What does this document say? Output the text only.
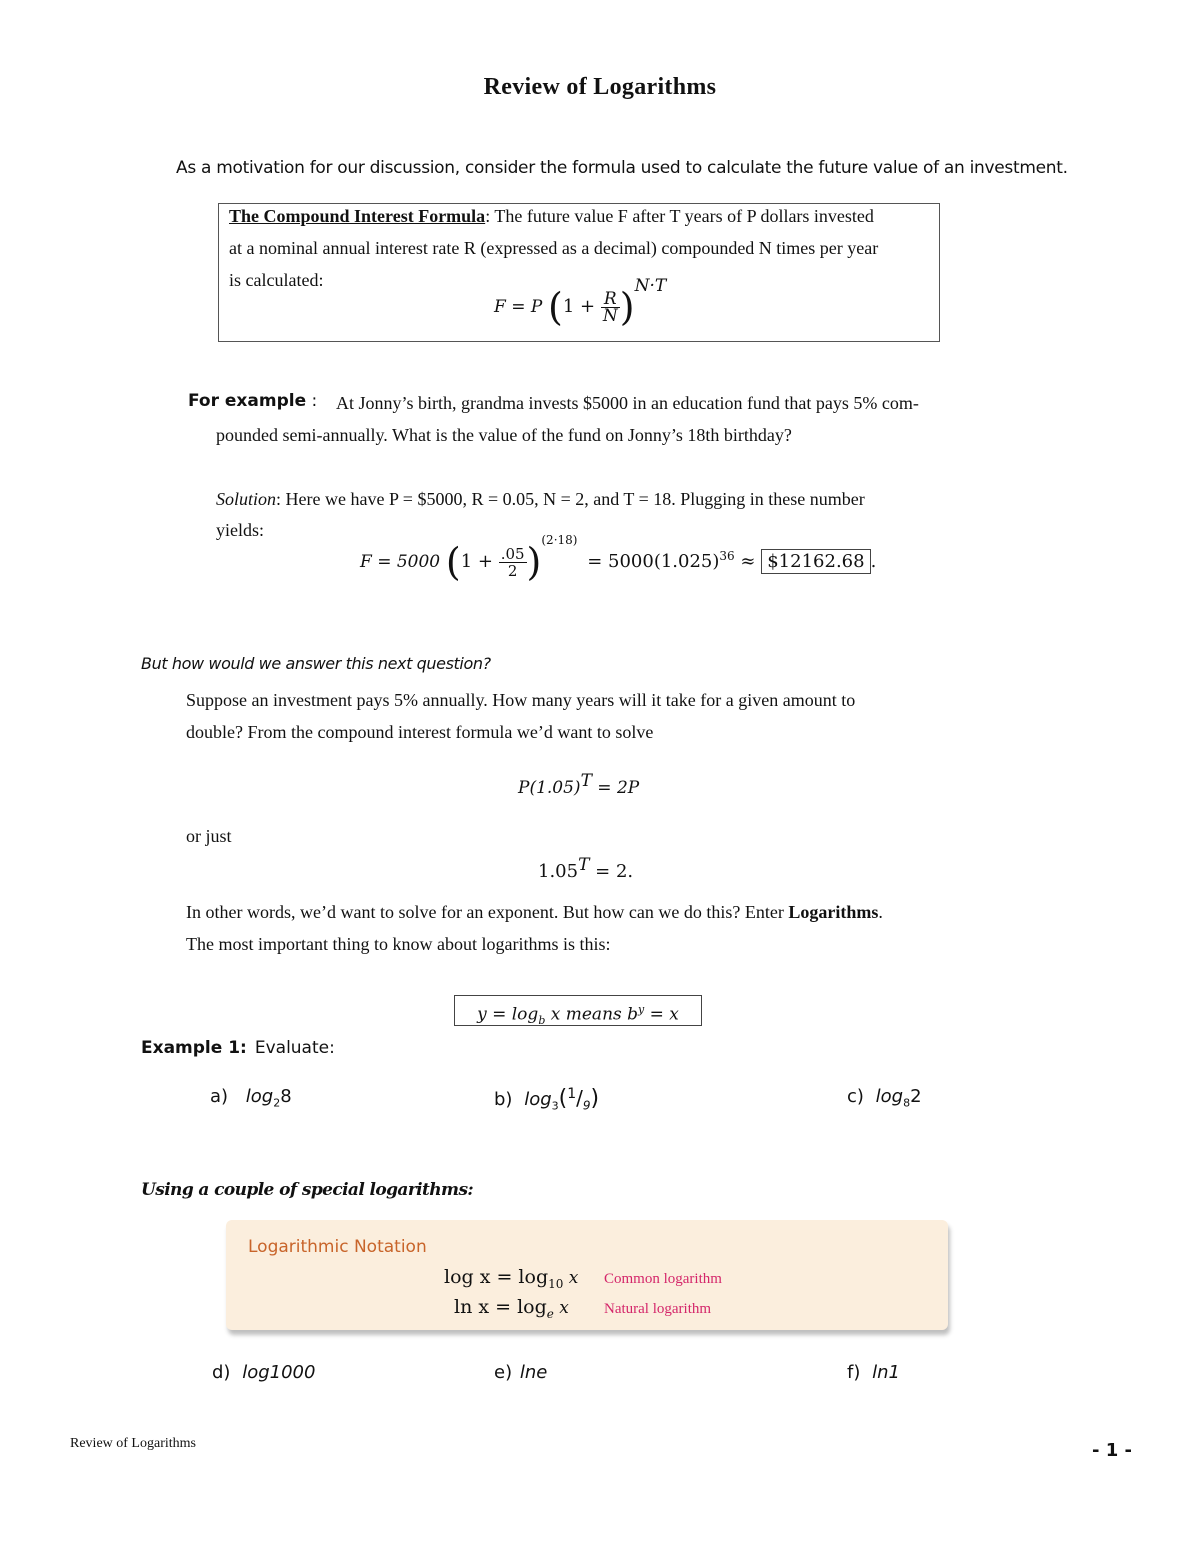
Review of Logarithms
As a motivation for our discussion, consider the formula used to calculate the future value of an investment.
The Compound Interest Formula: The future value F after T years of P dollars invested
at a nominal annual interest rate R (expressed as a decimal) compounded N times per year
is calculated:
F = P $(1 + \frac{R}{N} )^{N\cdot T}$
For example : At Jonny’s birth, grandma invests $5000 in an education fund that pays 5% com-
pounded semi-annually. What is the value of the fund on Jonny’s 18th birthday?
Solution: Here we have P = $5000, R = 0.05, N = 2, and T = 18. Plugging in these number
yields:
F = 5000 $(1 + \frac{.05}{2} )^{(2\cdot 18)} = 5000(1.025)^{36}$ ≈ $12162.68 .
But how would we answer this next question?
Suppose an investment pays 5% annually. How many years will it take for a given amount to
double? From the compound interest formula we’d want to solve
$P(1.05)^T = 2P$
or just
$1.05^T = 2$.
In other words, we’d want to solve for an exponent. But how can we do this? Enter Logarithms.
The most important thing to know about logarithms is this:
$y = \log_b x$ means $b^y = x$
Example 1: Evaluate:
a) $\log_28$	b) $\log_3(^1/_9)$	c) $\log_82$
Using a couple of special logarithms:
Logarithmic Notation
$\log x = \log_{10} x$ Common logarithm
$\ln x = \log_e x$ Natural logarithm
d) log1000	e) lne	f) ln1
Review of Logarithms	- 1 -
